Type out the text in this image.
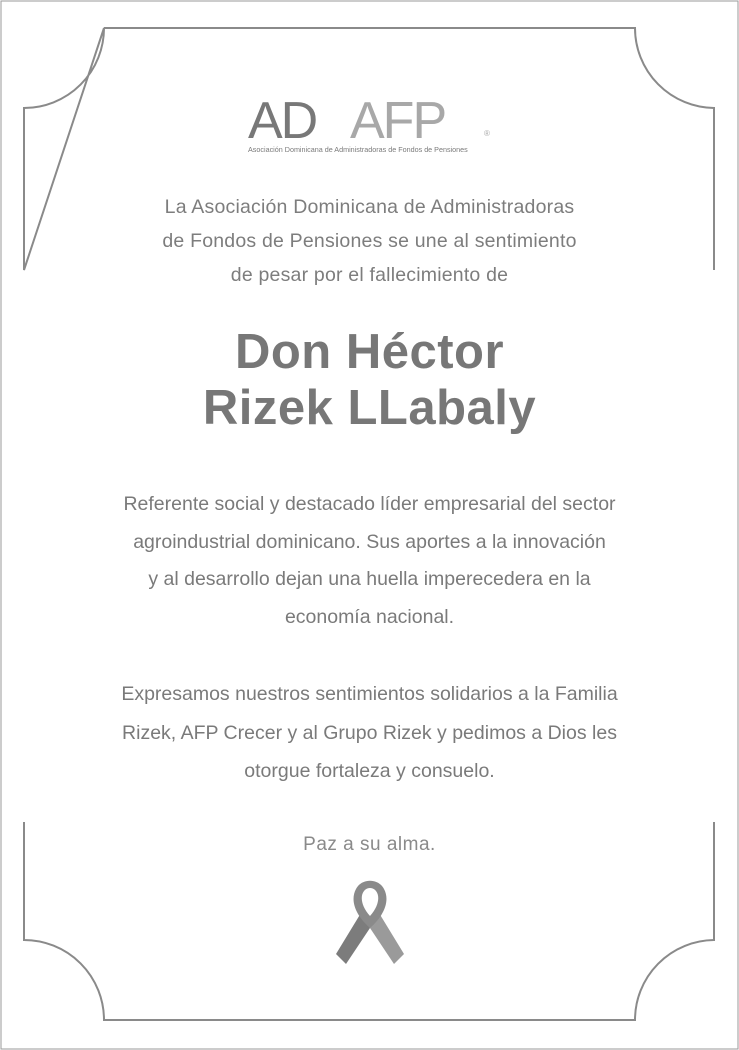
AD AFP	®
Asociación Dominicana de Administradoras de Fondos de Pensiones
La Asociación Dominicana de Administradoras
de Fondos de Pensiones se une al sentimiento
de pesar por el fallecimiento de
Don Héctor
Rizek LLabaly
Referente social y destacado líder empresarial del sector
agroindustrial dominicano. Sus aportes a la innovación
y al desarrollo dejan una huella imperecedera en la
economía nacional.
Expresamos nuestros sentimientos solidarios a la Familia
Rizek, AFP Crecer y al Grupo Rizek y pedimos a Dios les
otorgue fortaleza y consuelo.
Paz a su alma.
